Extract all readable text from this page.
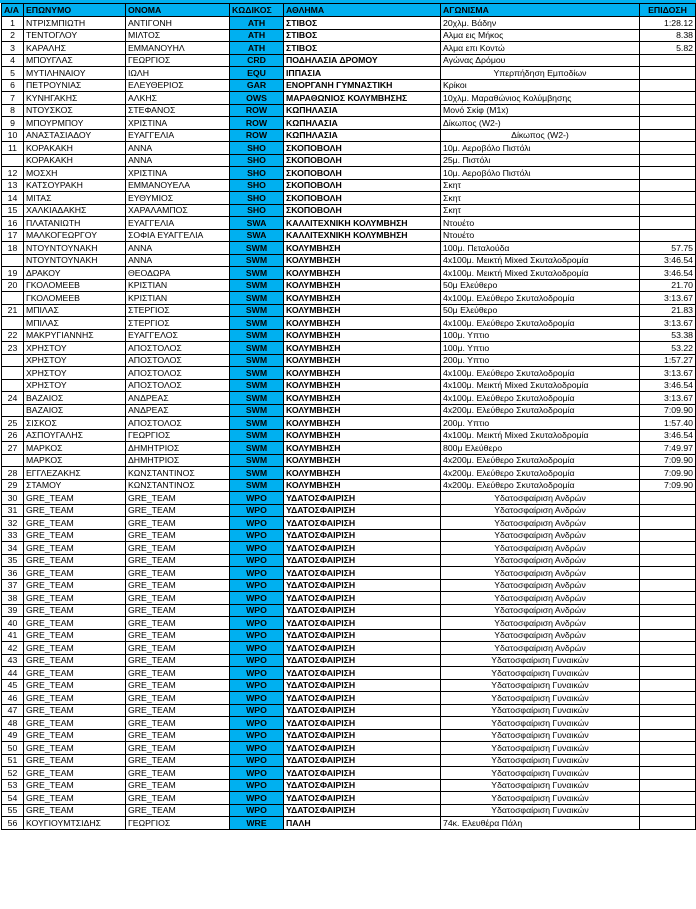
Α/Α	ΕΠΩΝΥΜΟ	ΟΝΟΜΑ	ΚΩΔΙΚΟΣ	ΑΘΛΗΜΑ	ΑΓΩΝΙΣΜΑ	ΕΠΙΔΟΣΗ
1	ΝΤΡΙΣΜΠΙΩΤΗ	ΑΝΤΙΓΟΝΗ	ATH	ΣΤΙΒΟΣ	20χλμ. Βάδην	1:28.12
2	ΤΕΝΤΟΓΛΟΥ	ΜΙΛΤΟΣ	ATH	ΣΤΙΒΟΣ	Αλμα εις Μήκος	8.38
3	ΚΑΡΑΛΗΣ	ΕΜΜΑΝΟΥΗΛ	ATH	ΣΤΙΒΟΣ	Αλμα επι Κοντώ	5.82
4	ΜΠΟΥΓΛΑΣ	ΓΕΩΡΓΙΟΣ	CRD	ΠΟΔΗΛΑΣΙΑ ΔΡΟΜΟΥ	Αγώνας Δρόμου	
5	ΜΥΤΙΛΗΝΑΙΟΥ	ΙΩΛΗ	EQU	ΙΠΠΑΣΙΑ	Υπερπήδηση Εμποδίων	
6	ΠΕΤΡΟΥΝΙΑΣ	ΕΛΕΥΘΕΡΙΟΣ	GAR	ΕΝΟΡΓΑΝΗ ΓΥΜΝΑΣΤΙΚΗ	Κρίκοι	
7	ΚΥΝΗΓΑΚΗΣ	ΑΛΚΗΣ	OWS	ΜΑΡΑΘΩΝΙΟΣ ΚΟΛΥΜΒΗΣΗΣ	10χλμ. Μαραθώνιος Κολύμβησης	
8	ΝΤΟΥΣΚΟΣ	ΣΤΕΦΑΝΟΣ	ROW	ΚΩΠΗΛΑΣΙΑ	Μονό Σκίφ (M1x)	
9	ΜΠΟΥΡΜΠΟΥ	ΧΡΙΣΤΙΝΑ	ROW	ΚΩΠΗΛΑΣΙΑ	Δίκωπος (W2-)	
10	ΑΝΑΣΤΑΣΙΑΔΟΥ	ΕΥΑΓΓΕΛΙΑ	ROW	ΚΩΠΗΛΑΣΙΑ	Δίκωπος (W2-)	
11	ΚΟΡΑΚΑΚΗ	ΑΝΝΑ	SHO	ΣΚΟΠΟΒΟΛΗ	10μ. Αεροβόλο Πιστόλι	
	ΚΟΡΑΚΑΚΗ	ΑΝΝΑ	SHO	ΣΚΟΠΟΒΟΛΗ	25μ. Πιστόλι	
12	ΜΟΣΧΗ	ΧΡΙΣΤΙΝΑ	SHO	ΣΚΟΠΟΒΟΛΗ	10μ. Αεροβόλο Πιστόλι	
13	ΚΑΤΣΟΥΡΑΚΗ	ΕΜΜΑΝΟΥΕΛΑ	SHO	ΣΚΟΠΟΒΟΛΗ	Σκητ	
14	ΜΙΤΑΣ	ΕΥΘΥΜΙΟΣ	SHO	ΣΚΟΠΟΒΟΛΗ	Σκητ	
15	ΧΑΛΚΙΑΔΑΚΗΣ	ΧΑΡΑΛΑΜΠΟΣ	SHO	ΣΚΟΠΟΒΟΛΗ	Σκητ	
16	ΠΛΑΤΑΝΙΩΤΗ	ΕΥΑΓΓΕΛΙΑ	SWA	ΚΑΛΛΙΤΕΧΝΙΚΗ ΚΟΛΥΜΒΗΣΗ	Ντουέτο	
17	ΜΑΛΚΟΓΕΩΡΓΟΥ	ΣΟΦΙΑ ΕΥΑΓΓΕΛΙΑ	SWA	ΚΑΛΛΙΤΕΧΝΙΚΗ ΚΟΛΥΜΒΗΣΗ	Ντουέτο	
18	ΝΤΟΥΝΤΟΥΝΑΚΗ	ΑΝΝΑ	SWM	ΚΟΛΥΜΒΗΣΗ	100μ. Πεταλούδα	57.75
	ΝΤΟΥΝΤΟΥΝΑΚΗ	ΑΝΝΑ	SWM	ΚΟΛΥΜΒΗΣΗ	4x100μ. Μεικτή Mixed Σκυταλοδρομία	3:46.54
19	ΔΡΑΚΟΥ	ΘΕΟΔΩΡΑ	SWM	ΚΟΛΥΜΒΗΣΗ	4x100μ. Μεικτή Mixed Σκυταλοδρομία	3:46.54
20	ΓΚΟΛΟΜΕΕΒ	ΚΡΙΣΤΙΑΝ	SWM	ΚΟΛΥΜΒΗΣΗ	50μ Ελεύθερο	21.70
	ΓΚΟΛΟΜΕΕΒ	ΚΡΙΣΤΙΑΝ	SWM	ΚΟΛΥΜΒΗΣΗ	4x100μ. Ελεύθερο Σκυταλοδρομία	3:13.67
21	ΜΠΙΛΑΣ	ΣΤΕΡΓΙΟΣ	SWM	ΚΟΛΥΜΒΗΣΗ	50μ Ελεύθερο	21.83
	ΜΠΙΛΑΣ	ΣΤΕΡΓΙΟΣ	SWM	ΚΟΛΥΜΒΗΣΗ	4x100μ. Ελεύθερο Σκυταλοδρομία	3:13.67
22	ΜΑΚΡΥΓΙΑΝΝΗΣ	ΕΥΑΓΓΕΛΟΣ	SWM	ΚΟΛΥΜΒΗΣΗ	100μ. Υπτιο	53.38
23	ΧΡΗΣΤΟΥ	ΑΠΟΣΤΟΛΟΣ	SWM	ΚΟΛΥΜΒΗΣΗ	100μ. Υπτιο	53.22
	ΧΡΗΣΤΟΥ	ΑΠΟΣΤΟΛΟΣ	SWM	ΚΟΛΥΜΒΗΣΗ	200μ. Υπτιο	1:57.27
	ΧΡΗΣΤΟΥ	ΑΠΟΣΤΟΛΟΣ	SWM	ΚΟΛΥΜΒΗΣΗ	4x100μ. Ελεύθερο Σκυταλοδρομία	3:13.67
	ΧΡΗΣΤΟΥ	ΑΠΟΣΤΟΛΟΣ	SWM	ΚΟΛΥΜΒΗΣΗ	4x100μ. Μεικτή Mixed Σκυταλοδρομία	3:46.54
24	ΒΑΖΑΙΟΣ	ΑΝΔΡΕΑΣ	SWM	ΚΟΛΥΜΒΗΣΗ	4x100μ. Ελεύθερο Σκυταλοδρομία	3:13.67
	ΒΑΖΑΙΟΣ	ΑΝΔΡΕΑΣ	SWM	ΚΟΛΥΜΒΗΣΗ	4x200μ. Ελεύθερο Σκυταλοδρομία	7:09.90
25	ΣΙΣΚΟΣ	ΑΠΟΣΤΟΛΟΣ	SWM	ΚΟΛΥΜΒΗΣΗ	200μ. Υπτιο	1:57.40
26	ΑΣΠΟΥΓΑΛΗΣ	ΓΕΩΡΓΙΟΣ	SWM	ΚΟΛΥΜΒΗΣΗ	4x100μ. Μεικτή Mixed Σκυταλοδρομία	3:46.54
27	ΜΑΡΚΟΣ	ΔΗΜΗΤΡΙΟΣ	SWM	ΚΟΛΥΜΒΗΣΗ	800μ Ελεύθερο	7:49.97
	ΜΑΡΚΟΣ	ΔΗΜΗΤΡΙΟΣ	SWM	ΚΟΛΥΜΒΗΣΗ	4x200μ. Ελεύθερο Σκυταλοδρομία	7:09.90
28	ΕΓΓΛΕΖΑΚΗΣ	ΚΩΝΣΤΑΝΤΙΝΟΣ	SWM	ΚΟΛΥΜΒΗΣΗ	4x200μ. Ελεύθερο Σκυταλοδρομία	7:09.90
29	ΣΤΑΜΟΥ	ΚΩΝΣΤΑΝΤΙΝΟΣ	SWM	ΚΟΛΥΜΒΗΣΗ	4x200μ. Ελεύθερο Σκυταλοδρομία	7:09.90
30	GRE_TEAM	GRE_TEAM	WPO	ΥΔΑΤΟΣΦΑΙΡΙΣΗ	Υδατοσφαίριση Ανδρών	
31	GRE_TEAM	GRE_TEAM	WPO	ΥΔΑΤΟΣΦΑΙΡΙΣΗ	Υδατοσφαίριση Ανδρών	
32	GRE_TEAM	GRE_TEAM	WPO	ΥΔΑΤΟΣΦΑΙΡΙΣΗ	Υδατοσφαίριση Ανδρών	
33	GRE_TEAM	GRE_TEAM	WPO	ΥΔΑΤΟΣΦΑΙΡΙΣΗ	Υδατοσφαίριση Ανδρών	
34	GRE_TEAM	GRE_TEAM	WPO	ΥΔΑΤΟΣΦΑΙΡΙΣΗ	Υδατοσφαίριση Ανδρών	
35	GRE_TEAM	GRE_TEAM	WPO	ΥΔΑΤΟΣΦΑΙΡΙΣΗ	Υδατοσφαίριση Ανδρών	
36	GRE_TEAM	GRE_TEAM	WPO	ΥΔΑΤΟΣΦΑΙΡΙΣΗ	Υδατοσφαίριση Ανδρών	
37	GRE_TEAM	GRE_TEAM	WPO	ΥΔΑΤΟΣΦΑΙΡΙΣΗ	Υδατοσφαίριση Ανδρών	
38	GRE_TEAM	GRE_TEAM	WPO	ΥΔΑΤΟΣΦΑΙΡΙΣΗ	Υδατοσφαίριση Ανδρών	
39	GRE_TEAM	GRE_TEAM	WPO	ΥΔΑΤΟΣΦΑΙΡΙΣΗ	Υδατοσφαίριση Ανδρών	
40	GRE_TEAM	GRE_TEAM	WPO	ΥΔΑΤΟΣΦΑΙΡΙΣΗ	Υδατοσφαίριση Ανδρών	
41	GRE_TEAM	GRE_TEAM	WPO	ΥΔΑΤΟΣΦΑΙΡΙΣΗ	Υδατοσφαίριση Ανδρών	
42	GRE_TEAM	GRE_TEAM	WPO	ΥΔΑΤΟΣΦΑΙΡΙΣΗ	Υδατοσφαίριση Ανδρών	
43	GRE_TEAM	GRE_TEAM	WPO	ΥΔΑΤΟΣΦΑΙΡΙΣΗ	Υδατοσφαίριση Γυναικών	
44	GRE_TEAM	GRE_TEAM	WPO	ΥΔΑΤΟΣΦΑΙΡΙΣΗ	Υδατοσφαίριση Γυναικών	
45	GRE_TEAM	GRE_TEAM	WPO	ΥΔΑΤΟΣΦΑΙΡΙΣΗ	Υδατοσφαίριση Γυναικών	
46	GRE_TEAM	GRE_TEAM	WPO	ΥΔΑΤΟΣΦΑΙΡΙΣΗ	Υδατοσφαίριση Γυναικών	
47	GRE_TEAM	GRE_TEAM	WPO	ΥΔΑΤΟΣΦΑΙΡΙΣΗ	Υδατοσφαίριση Γυναικών	
48	GRE_TEAM	GRE_TEAM	WPO	ΥΔΑΤΟΣΦΑΙΡΙΣΗ	Υδατοσφαίριση Γυναικών	
49	GRE_TEAM	GRE_TEAM	WPO	ΥΔΑΤΟΣΦΑΙΡΙΣΗ	Υδατοσφαίριση Γυναικών	
50	GRE_TEAM	GRE_TEAM	WPO	ΥΔΑΤΟΣΦΑΙΡΙΣΗ	Υδατοσφαίριση Γυναικών	
51	GRE_TEAM	GRE_TEAM	WPO	ΥΔΑΤΟΣΦΑΙΡΙΣΗ	Υδατοσφαίριση Γυναικών	
52	GRE_TEAM	GRE_TEAM	WPO	ΥΔΑΤΟΣΦΑΙΡΙΣΗ	Υδατοσφαίριση Γυναικών	
53	GRE_TEAM	GRE_TEAM	WPO	ΥΔΑΤΟΣΦΑΙΡΙΣΗ	Υδατοσφαίριση Γυναικών	
54	GRE_TEAM	GRE_TEAM	WPO	ΥΔΑΤΟΣΦΑΙΡΙΣΗ	Υδατοσφαίριση Γυναικών	
55	GRE_TEAM	GRE_TEAM	WPO	ΥΔΑΤΟΣΦΑΙΡΙΣΗ	Υδατοσφαίριση Γυναικών	
56	ΚΟΥΓΙΟΥΜΤΣΙΔΗΣ	ΓΕΩΡΓΙΟΣ	WRE	ΠΑΛΗ	74κ. Ελευθέρα Πάλη	
